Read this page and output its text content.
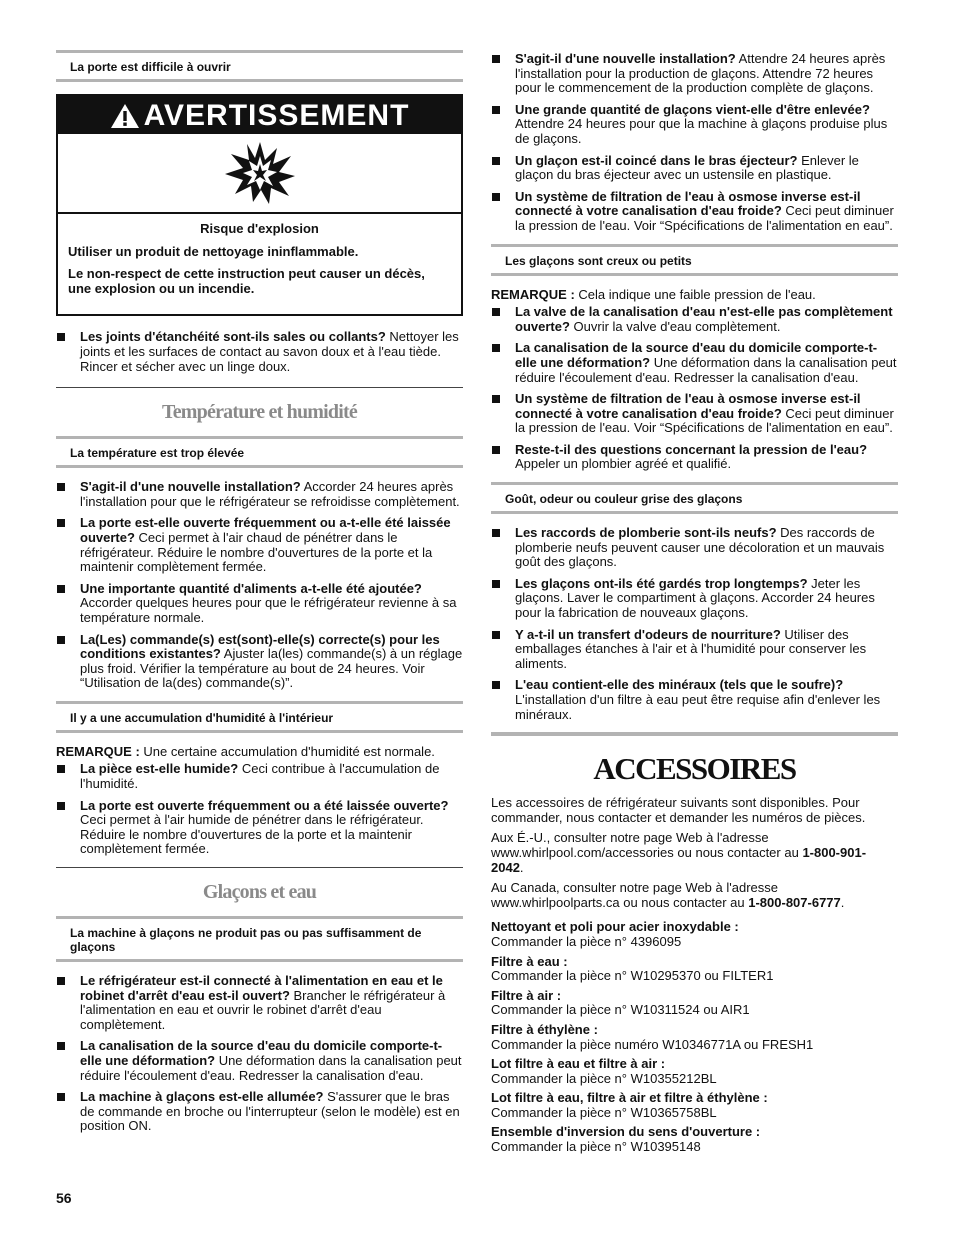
La porte est difficile à ouvrir
AVERTISSEMENT

Risque d'explosion

Utiliser un produit de nettoyage ininflammable.

Le non-respect de cette instruction peut causer un décès, une explosion ou un incendie.

Les joints d'étanchéité sont-ils sales ou collants? Nettoyer les joints et les surfaces de contact au savon doux et à l'eau tiède. Rincer et sécher avec un linge doux.
Température et humidité
La température est trop élevée
S'agit-il d'une nouvelle installation? Accorder 24 heures après l'installation pour que le réfrigérateur se refroidisse complètement.
La porte est-elle ouverte fréquemment ou a-t-elle été laissée ouverte? Ceci permet à l'air chaud de pénétrer dans le réfrigérateur. Réduire le nombre d'ouvertures de la porte et la maintenir complètement fermée.
Une importante quantité d'aliments a-t-elle été ajoutée? Accorder quelques heures pour que le réfrigérateur revienne à sa température normale.
La(Les) commande(s) est(sont)-elle(s) correcte(s) pour les conditions existantes? Ajuster la(les) commande(s) à un réglage plus froid. Vérifier la température au bout de 24 heures. Voir “Utilisation de la(des) commande(s)”.
Il y a une accumulation d'humidité à l'intérieur
REMARQUE : Une certaine accumulation d'humidité est normale.
La pièce est-elle humide? Ceci contribue à l'accumulation de l'humidité.
La porte est ouverte fréquemment ou a été laissée ouverte? Ceci permet à l'air humide de pénétrer dans le réfrigérateur. Réduire le nombre d'ouvertures de la porte et la maintenir complètement fermée.
Glaçons et eau
La machine à glaçons ne produit pas ou pas suffisamment de glaçons
Le réfrigérateur est-il connecté à l'alimentation en eau et le robinet d'arrêt d'eau est-il ouvert? Brancher le réfrigérateur à l'alimentation en eau et ouvrir le robinet d'arrêt d'eau complètement.
La canalisation de la source d'eau du domicile comporte-t-elle une déformation? Une déformation dans la canalisation peut réduire l'écoulement d'eau. Redresser la canalisation d'eau.
La machine à glaçons est-elle allumée? S'assurer que le bras de commande en broche ou l'interrupteur (selon le modèle) est en position ON.
S'agit-il d'une nouvelle installation? Attendre 24 heures après l'installation pour la production de glaçons. Attendre 72 heures pour le commencement de la production complète de glaçons.
Une grande quantité de glaçons vient-elle d'être enlevée? Attendre 24 heures pour que la machine à glaçons produise plus de glaçons.
Un glaçon est-il coincé dans le bras éjecteur? Enlever le glaçon du bras éjecteur avec un ustensile en plastique.
Un système de filtration de l'eau à osmose inverse est-il connecté à votre canalisation d'eau froide? Ceci peut diminuer la pression de l'eau. Voir “Spécifications de l'alimentation en eau”.
Les glaçons sont creux ou petits
REMARQUE : Cela indique une faible pression de l'eau.
La valve de la canalisation d'eau n'est-elle pas complètement ouverte? Ouvrir la valve d'eau complètement.
La canalisation de la source d'eau du domicile comporte-t-elle une déformation? Une déformation dans la canalisation peut réduire l'écoulement d'eau. Redresser la canalisation d'eau.
Un système de filtration de l'eau à osmose inverse est-il connecté à votre canalisation d'eau froide? Ceci peut diminuer la pression de l'eau. Voir “Spécifications de l'alimentation en eau”.
Reste-t-il des questions concernant la pression de l'eau? Appeler un plombier agréé et qualifié.
Goût, odeur ou couleur grise des glaçons
Les raccords de plomberie sont-ils neufs? Des raccords de plomberie neufs peuvent causer une décoloration et un mauvais goût des glaçons.
Les glaçons ont-ils été gardés trop longtemps? Jeter les glaçons. Laver le compartiment à glaçons. Accorder 24 heures pour la fabrication de nouveaux glaçons.
Y a-t-il un transfert d'odeurs de nourriture? Utiliser des emballages étanches à l'air et à l'humidité pour conserver les aliments.
L'eau contient-elle des minéraux (tels que le soufre)? L'installation d'un filtre à eau peut être requise afin d'enlever les minéraux.
ACCESSOIRES

Les accessoires de réfrigérateur suivants sont disponibles. Pour commander, nous contacter et demander les numéros de pièces.

Aux É.-U., consulter notre page Web à l'adresse www.whirlpool.com/accessories ou nous contacter au 1-800-901-2042.

Au Canada, consulter notre page Web à l'adresse www.whirlpoolparts.ca ou nous contacter au 1-800-807-6777.

Nettoyant et poli pour acier inoxydable :
Commander la pièce n° 4396095
Filtre à eau :
Commander la pièce n° W10295370 ou FILTER1
Filtre à air :
Commander la pièce n° W10311524 ou AIR1
Filtre à éthylène :
Commander la pièce numéro W10346771A ou FRESH1
Lot filtre à eau et filtre à air :
Commander la pièce n° W10355212BL
Lot filtre à eau, filtre à air et filtre à éthylène :
Commander la pièce n° W10365758BL
Ensemble d'inversion du sens d'ouverture :
Commander la pièce n° W10395148
56
